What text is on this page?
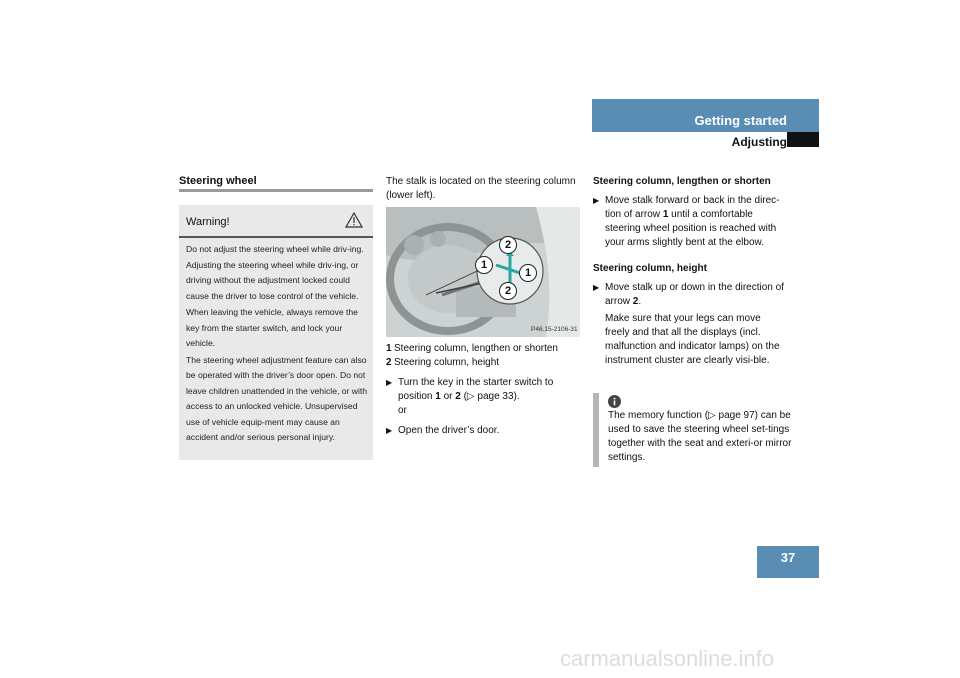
Getting started
Adjusting
Steering wheel
Warning!

Do not adjust the steering wheel while driv-ing. Adjusting the steering wheel while driv-ing, or driving without the adjustment locked could cause the driver to lose control of the vehicle.

When leaving the vehicle, always remove the key from the starter switch, and lock your vehicle.

The steering wheel adjustment feature can also be operated with the driver’s door open. Do not leave children unattended in the vehicle, or with access to an unlocked vehicle. Unsupervised use of vehicle equip-ment may cause an accident and/or serious personal injury.

The stalk is located on the steering column (lower left).
2
1
1
2
P46.15-2106-31
1 Steering column, lengthen or shorten
2 Steering column, height
▶ Turn the key in the starter switch to position 1 or 2 (▷ page 33).
or
▶ Open the driver’s door.
Steering column, lengthen or shorten
▶ Move stalk forward or back in the direc-tion of arrow 1 until a comfortable steering wheel position is reached with your arms slightly bent at the elbow.
Steering column, height
▶ Move stalk up or down in the direction of arrow 2.
Make sure that your legs can move freely and that all the displays (incl. malfunction and indicator lamps) on the instrument cluster are clearly visi-ble.
The memory function (▷ page 97) can be used to save the steering wheel set-tings together with the seat and exteri-or mirror settings.
37
carmanualsonline.info
